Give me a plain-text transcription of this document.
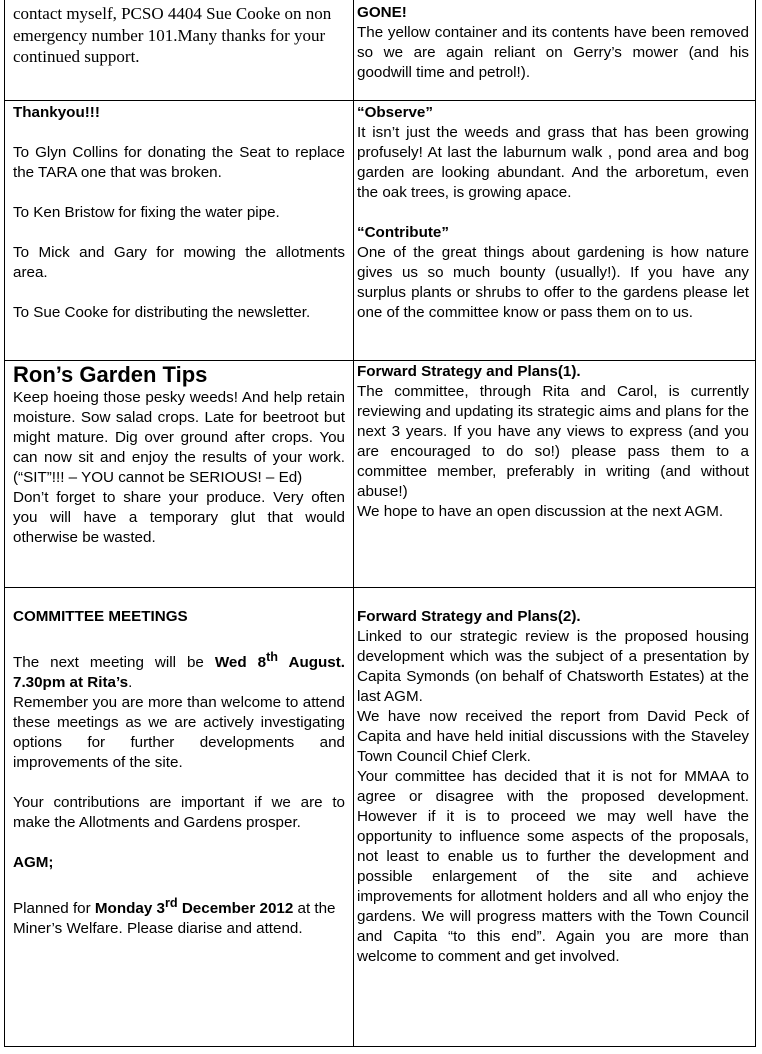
contact myself, PCSO 4404 Sue Cooke on non emergency number 101.Many thanks for your continued support.

GONE!

The yellow container and its contents have been removed so we are again reliant on Gerry’s mower (and his goodwill time and petrol!).

Thankyou!!!

To Glyn Collins for donating the Seat to replace the TARA one that was broken.

To Ken Bristow for fixing the water pipe.

To Mick and Gary for mowing the allotments area.

To Sue Cooke for distributing the newsletter.

“Observe”

It isn’t just the weeds and grass that has been growing profusely! At last the laburnum walk , pond area and bog garden are looking abundant. And the arboretum, even the oak trees, is growing apace.

“Contribute”

One of the great things about gardening is how nature gives us so much bounty (usually!). If you have any surplus plants or shrubs to offer to the gardens please let one of the committee know or pass them on to us.

Ron’s Garden Tips

Keep hoeing those pesky weeds! And help retain moisture. Sow salad crops. Late for beetroot but might mature. Dig over ground after crops. You can now sit and enjoy the results of your work. (“SIT”!!! – YOU cannot be SERIOUS! – Ed)

Don’t forget to share your produce. Very often you will have a temporary glut that would otherwise be wasted.

Forward Strategy and Plans(1).

The committee, through Rita and Carol, is currently reviewing and updating its strategic aims and plans for the next 3 years. If you have any views to express (and you are encouraged to do so!) please pass them to a committee member, preferably in writing (and without abuse!)

We hope to have an open discussion at the next AGM.

COMMITTEE MEETINGS

The next meeting will be Wed 8th August. 7.30pm at Rita’s.

Remember you are more than welcome to attend these meetings as we are actively investigating options for further developments and improvements of the site.

Your contributions are important if we are to make the Allotments and Gardens prosper.

AGM;

Planned for Monday 3rd December 2012 at the Miner’s Welfare. Please diarise and attend.

Forward Strategy and Plans(2).

Linked to our strategic review is the proposed housing development which was the subject of a presentation by Capita Symonds (on behalf of Chatsworth Estates) at the last AGM.

We have now received the report from David Peck of Capita and have held initial discussions with the Staveley Town Council Chief Clerk.

Your committee has decided that it is not for MMAA to agree or disagree with the proposed development. However if it is to proceed we may well have the opportunity to influence some aspects of the proposals, not least to enable us to further the development and possible enlargement of the site and achieve improvements for allotment holders and all who enjoy the gardens. We will progress matters with the Town Council and Capita “to this end”. Again you are more than welcome to comment and get involved.
